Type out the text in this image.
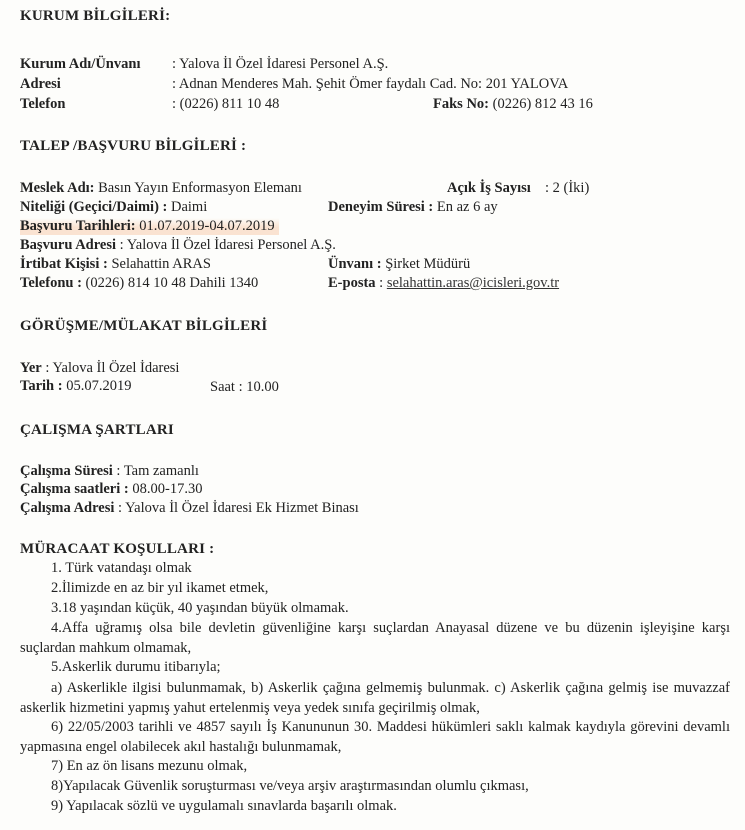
KURUM BİLGİLERİ:
Kurum Adı/Ünvanı : Yalova İl Özel İdaresi Personel A.Ş.
Adresi	: Adnan Menderes Mah. Şehit Ömer faydalı Cad. No: 201 YALOVA
Telefon	: (0226) 811 10 48	Faks No: (0226) 812 43 16
TALEP /BAŞVURU BİLGİLERİ :
Meslek Adı: Basın Yayın Enformasyon Elemanı	Açık İş Sayısı : 2 (İki)
Niteliği (Geçici/Daimi) : Daimi	Deneyim Süresi : En az 6 ay
Başvuru Tarihleri: 01.07.2019-04.07.2019
Başvuru Adresi : Yalova İl Özel İdaresi Personel A.Ş.
İrtibat Kişisi : Selahattin ARAS	Ünvanı : Şirket Müdürü
Telefonu : (0226) 814 10 48 Dahili 1340	E-posta : selahattin.aras@icisleri.gov.tr
GÖRÜŞME/MÜLAKAT BİLGİLERİ
Yer : Yalova İl Özel İdaresi
Tarih : 05.07.2019	Saat : 10.00
ÇALIŞMA ŞARTLARI
Çalışma Süresi : Tam zamanlı
Çalışma saatleri : 08.00-17.30
Çalışma Adresi : Yalova İl Özel İdaresi Ek Hizmet Binası
MÜRACAAT KOŞULLARI :
1. Türk vatandaşı olmak
2.İlimizde en az bir yıl ikamet etmek,
3.18 yaşından küçük, 40 yaşından büyük olmamak.
4.Affa uğramış olsa bile devletin güvenliğine karşı suçlardan Anayasal düzene ve bu düzenin işleyişine karşı suçlardan mahkum olmamak,
5.Askerlik durumu itibarıyla;
a) Askerlikle ilgisi bulunmamak, b) Askerlik çağına gelmemiş bulunmak. c) Askerlik çağına gelmiş ise muvazzaf askerlik hizmetini yapmış yahut ertelenmiş veya yedek sınıfa geçirilmiş olmak,
6) 22/05/2003 tarihli ve 4857 sayılı İş Kanununun 30. Maddesi hükümleri saklı kalmak kaydıyla görevini devamlı yapmasına engel olabilecek akıl hastalığı bulunmamak,
7) En az ön lisans mezunu olmak,
8)Yapılacak Güvenlik soruşturması ve/veya arşiv araştırmasından olumlu çıkması,
9) Yapılacak sözlü ve uygulamalı sınavlarda başarılı olmak.
